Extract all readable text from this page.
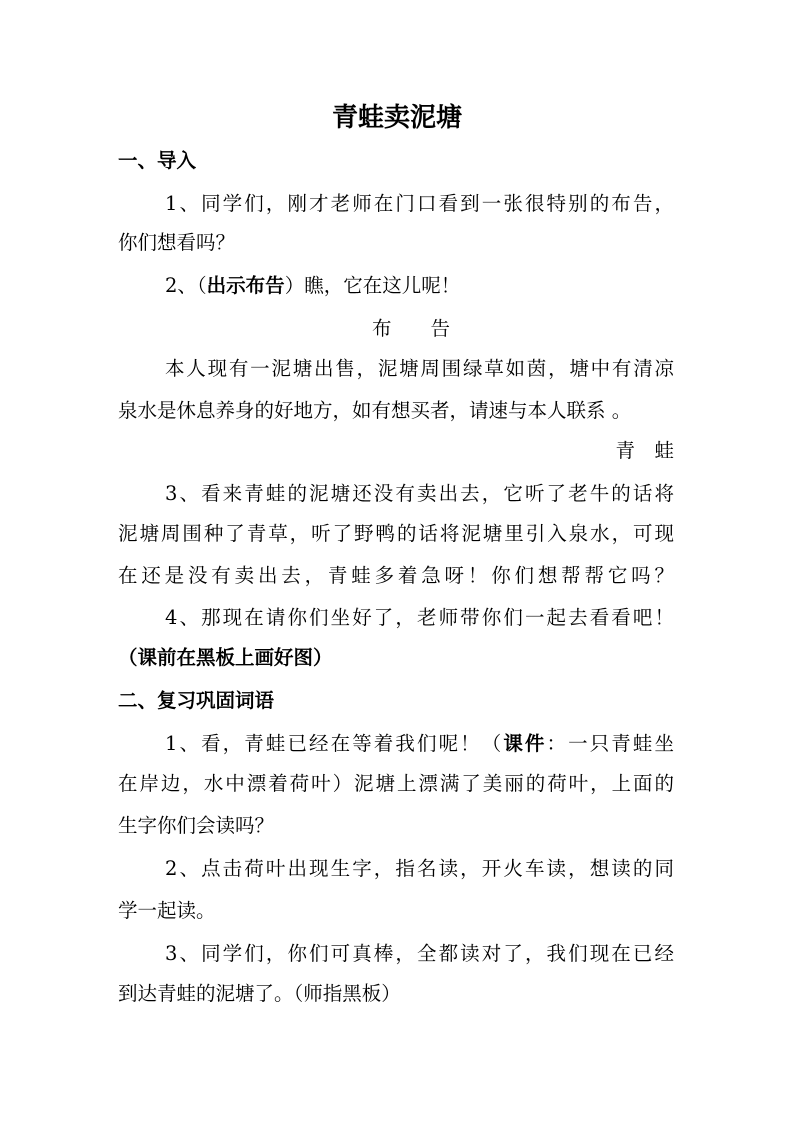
青蛙卖泥塘
一、导入
1、同学们，刚才老师在门口看到一张很特别的布告，
你们想看吗？
2、（出示布告）瞧，它在这儿呢！
布　　告
本人现有一泥塘出售，泥塘周围绿草如茵，塘中有清凉
泉水是休息养身的好地方，如有想买者，请速与本人联系 。
青　蛙
3、看来青蛙的泥塘还没有卖出去，它听了老牛的话将
泥塘周围种了青草，听了野鸭的话将泥塘里引入泉水，可现
在还是没有卖出去，青蛙多着急呀！你们想帮帮它吗？
4、那现在请你们坐好了，老师带你们一起去看看吧！
（课前在黑板上画好图）
二、复习巩固词语
1、看，青蛙已经在等着我们呢！（课件：一只青蛙坐
在岸边，水中漂着荷叶）泥塘上漂满了美丽的荷叶，上面的
生字你们会读吗？
2、点击荷叶出现生字，指名读，开火车读，想读的同
学一起读。
3、同学们，你们可真棒，全都读对了，我们现在已经
到达青蛙的泥塘了。（师指黑板）
